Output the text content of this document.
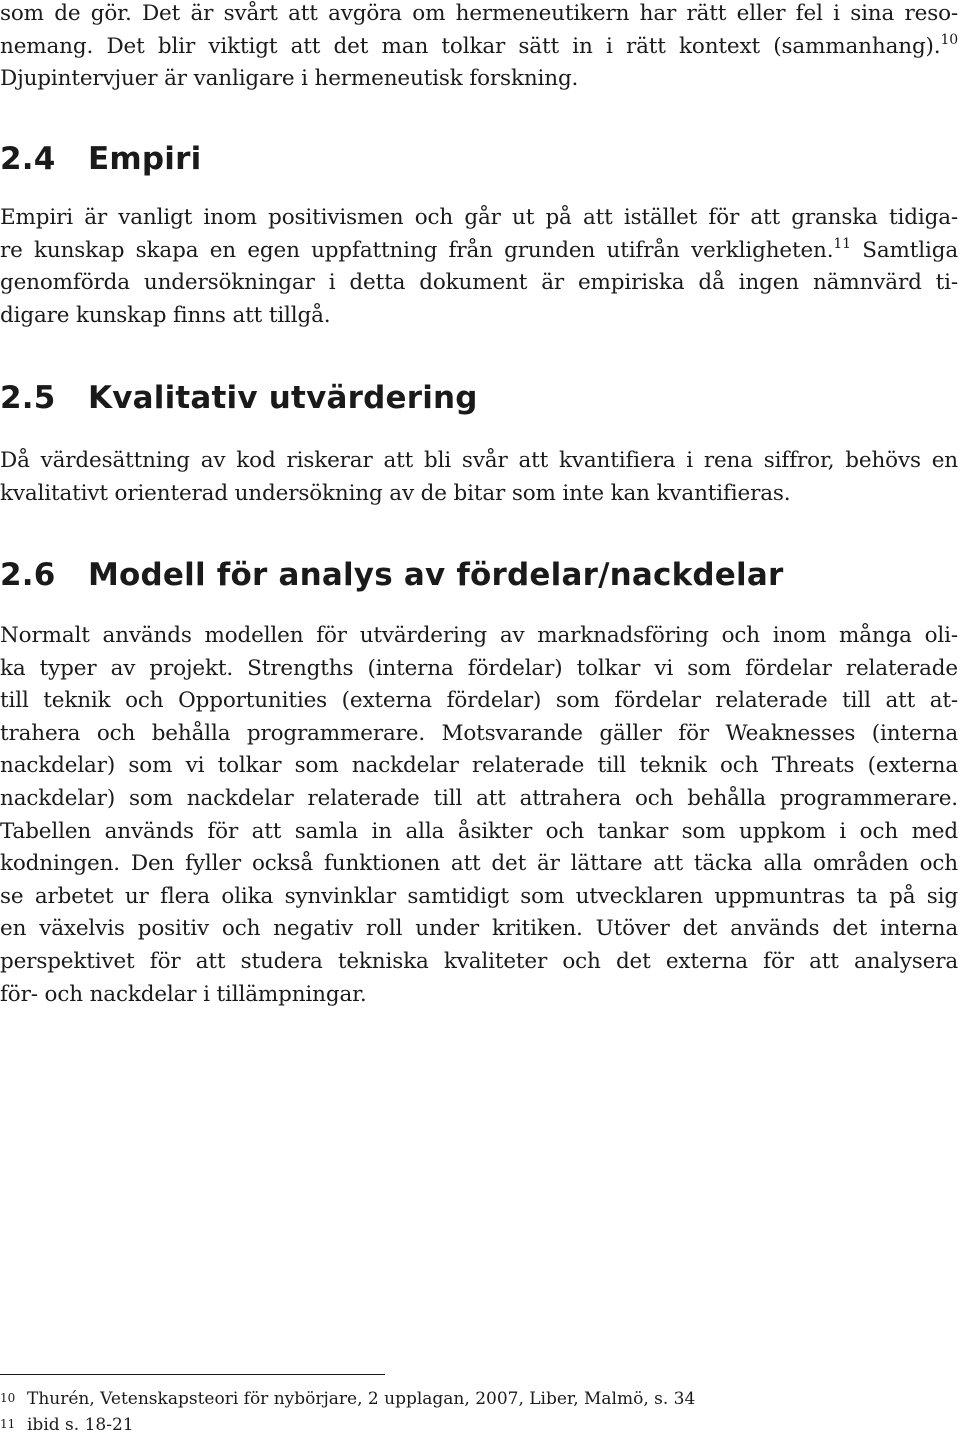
som de gör. Det är svårt att avgöra om hermeneutikern har rätt eller fel i sina reso-
nemang. Det blir viktigt att det man tolkar sätt in i rätt kontext (sammanhang).$^{10}$
Djupintervjuer är vanligare i hermeneutisk forskning.
2.4 Empiri
Empiri är vanligt inom positivismen och går ut på att istället för att granska tidiga-
re kunskap skapa en egen uppfattning från grunden utifrån verkligheten.$^{11}$ Samtliga
genomförda undersökningar i detta dokument är empiriska då ingen nämnvärd ti-
digare kunskap finns att tillgå.
2.5 Kvalitativ utvärdering
Då värdesättning av kod riskerar att bli svår att kvantifiera i rena siffror, behövs en
kvalitativt orienterad undersökning av de bitar som inte kan kvantifieras.
2.6 Modell för analys av fördelar/nackdelar
Normalt används modellen för utvärdering av marknadsföring och inom många oli-
ka typer av projekt. Strengths (interna fördelar) tolkar vi som fördelar relaterade
till teknik och Opportunities (externa fördelar) som fördelar relaterade till att at-
trahera och behålla programmerare. Motsvarande gäller för Weaknesses (interna
nackdelar) som vi tolkar som nackdelar relaterade till teknik och Threats (externa
nackdelar) som nackdelar relaterade till att attrahera och behålla programmerare.
Tabellen används för att samla in alla åsikter och tankar som uppkom i och med
kodningen. Den fyller också funktionen att det är lättare att täcka alla områden och
se arbetet ur flera olika synvinklar samtidigt som utvecklaren uppmuntras ta på sig
en växelvis positiv och negativ roll under kritiken. Utöver det används det interna
perspektivet för att studera tekniska kvaliteter och det externa för att analysera
för- och nackdelar i tillämpningar.
10 Thurén, Vetenskapsteori för nybörjare, 2 upplagan, 2007, Liber, Malmö, s. 34
11 ibid s. 18-21
